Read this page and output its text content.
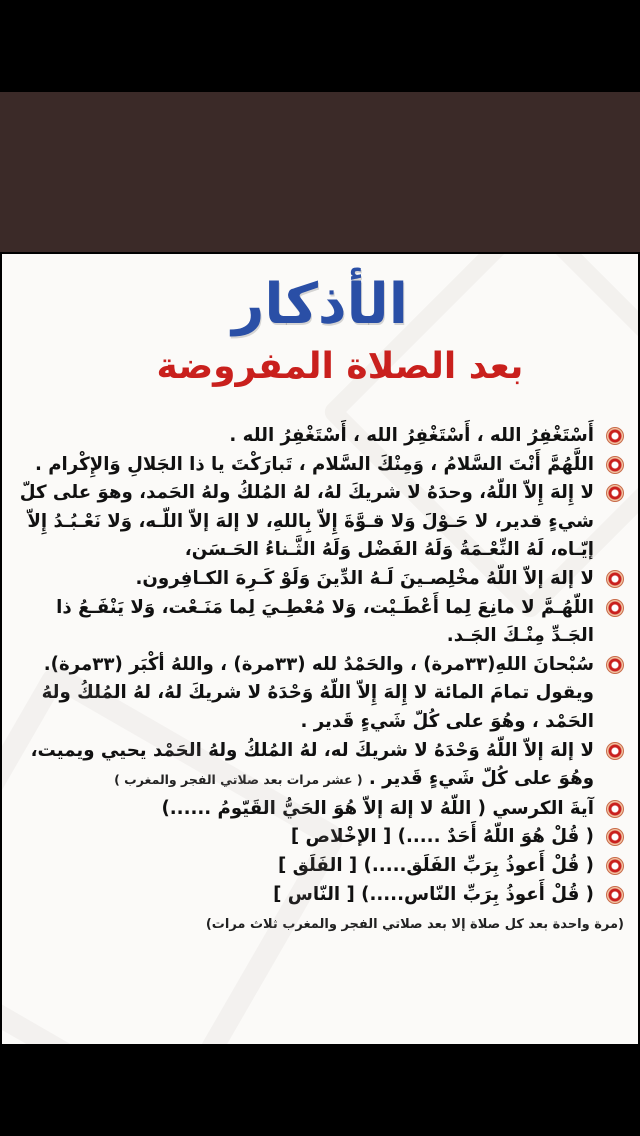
الأذكار
بعد الصلاة المفروضة

أَسْتَغْفِرُ الله ، أَسْتَغْفِرُ الله ، أَسْتَغْفِرُ الله .

اللَّهُمَّ أَنْتَ السَّلامُ ، وَمِنْكَ السَّلام ، تَبارَكْتَ يا ذا الجَلالِ وَالإِكْرام .

لا إِلهَ إِلاّ اللّهُ، وحدَهُ لا شريكَ لهُ، لهُ المُلكُ ولهُ الحَمد، وهوَ على كلّ شيءٍ قدير، لا حَـوْلَ وَلا قـوَّةَ إِلاّ بِاللهِ، لا إلهَ إلاّ اللّـه، وَلا نَعْـبُـدُ إِلاّ إيّـاه، لَهُ النِّعْـمَةُ وَلَهُ الفَضْل وَلَهُ الثَّـناءُ الحَـسَن،

لا إلهَ إلاّ اللّهُ مخْلِصـينَ لَـهُ الدِّينَ وَلَوْ كَـرِهَ الكـافِرون.

اللّهُـمَّ لا مانِعَ لِما أَعْطَـيْت، وَلا مُعْطِـيَ لِما مَنَـعْت، وَلا يَنْفَـعُ ذا الجَـدِّ مِنْـكَ الجَـد.

سُبْحانَ اللهِ(٣٣مرة) ، والحَمْدُ لله (٣٣مرة) ، واللهُ أكْبَر (٣٣مرة). ويقول تمامَ المائة لا إِلهَ إِلاّ اللّهُ وَحْدَهُ لا شريكَ لهُ، لهُ المُلكُ ولهُ الحَمْد ، وهُوَ على كُلّ شَيءٍ قَدير .

لا إلهَ إلاّ اللّهُ وَحْدَهُ لا شريكَ له، لهُ المُلكُ ولهُ الحَمْد يحيي ويميت، وهُوَ على كُلّ شَيءٍ قَدير . ( عشر مرات بعد صلاتي الفجر والمغرب )

آيةَ الكرسي ( اللّهُ لا إلهَ إلاّ هُوَ الحَيُّ القَيّومُ ......)

( قُلْ هُوَ اللّهُ أَحَدٌ .....) [ الإخْلاص ]

( قُلْ أَعوذُ بِرَبِّ الفَلَق.....) [ الفَلَق ]

( قُلْ أَعوذُ بِرَبِّ النّاس.....) [ النّاس ]

(مرة واحدة بعد كل صلاة إلا بعد صلاتي الفجر والمغرب ثلاث مرات)
